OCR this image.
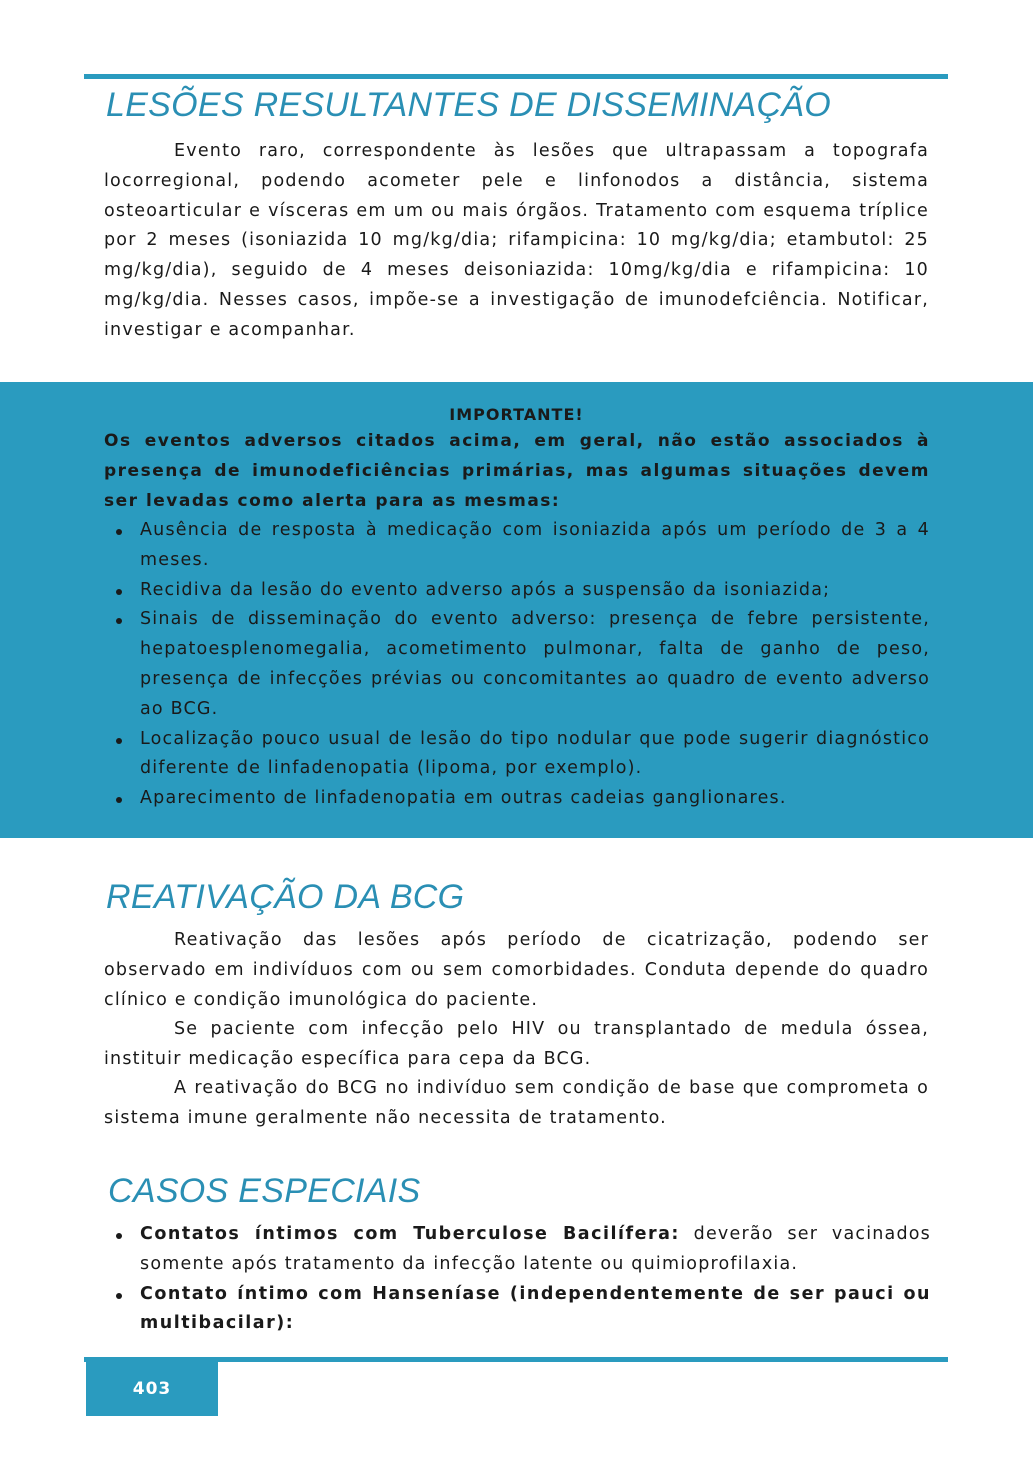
LESÕES RESULTANTES DE DISSEMINAÇÃO

Evento raro, correspondente às lesões que ultrapassam a topografa locorregional, podendo acometer pele e linfonodos a distância, sistema osteoarticular e vísceras em um ou mais órgãos. Tratamento com esquema tríplice por 2 meses (isoniazida 10 mg/kg/dia; rifampicina: 10 mg/kg/dia; etambutol: 25 mg/kg/dia), seguido de 4 meses deisoniazida: 10mg/kg/dia e rifampicina: 10 mg/kg/dia. Nesses casos, impõe-se a investigação de imunodefciência. Notificar, investigar e acompanhar.

IMPORTANTE!

Os eventos adversos citados acima, em geral, não estão associados à presença de imunodeficiências primárias, mas algumas situações devem ser levadas como alerta para as mesmas:

Ausência de resposta à medicação com isoniazida após um período de 3 a 4 meses.
Recidiva da lesão do evento adverso após a suspensão da isoniazida;
Sinais de disseminação do evento adverso: presença de febre persistente, hepatoesplenomegalia, acometimento pulmonar, falta de ganho de peso, presença de infecções prévias ou concomitantes ao quadro de evento adverso ao BCG.
Localização pouco usual de lesão do tipo nodular que pode sugerir diagnóstico diferente de linfadenopatia (lipoma, por exemplo).
Aparecimento de linfadenopatia em outras cadeias ganglionares.
REATIVAÇÃO DA BCG

Reativação das lesões após período de cicatrização, podendo ser observado em indivíduos com ou sem comorbidades. Conduta depende do quadro clínico e condição imunológica do paciente.

Se paciente com infecção pelo HIV ou transplantado de medula óssea, instituir medicação específica para cepa da BCG.

A reativação do BCG no indivíduo sem condição de base que comprometa o sistema imune geralmente não necessita de tratamento.

CASOS ESPECIAIS
Contatos íntimos com Tuberculose Bacilífera: deverão ser vacinados somente após tratamento da infecção latente ou quimioprofilaxia.
Contato íntimo com Hanseníase (independentemente de ser pauci ou multibacilar):
403
